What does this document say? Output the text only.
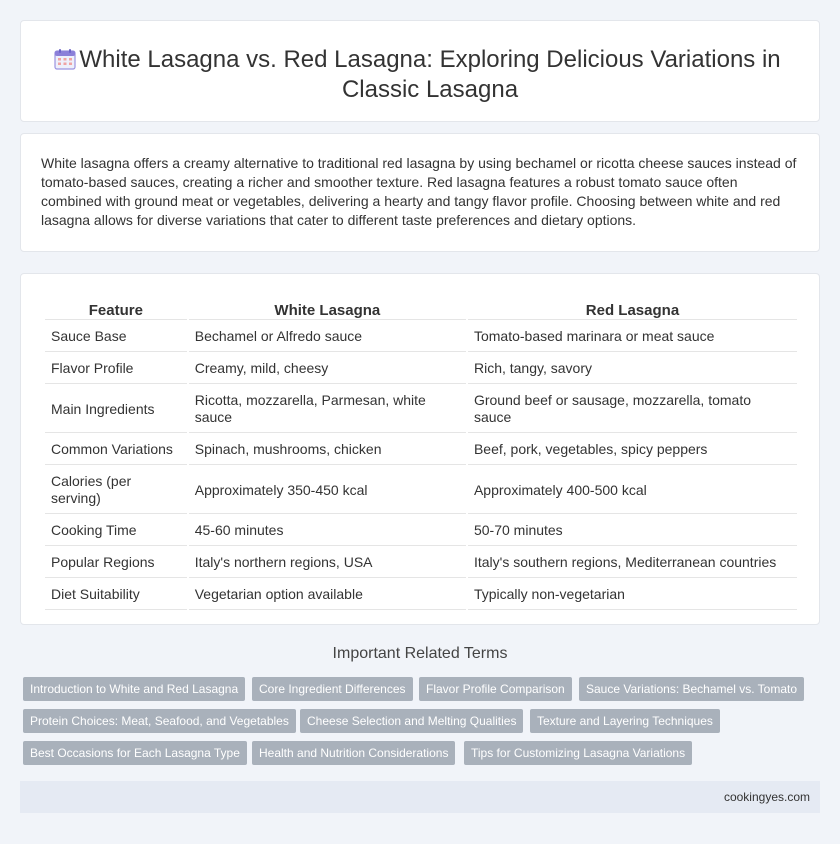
White Lasagna vs. Red Lasagna: Exploring Delicious Variations in Classic Lasagna

White lasagna offers a creamy alternative to traditional red lasagna by using bechamel or ricotta cheese sauces instead of tomato-based sauces, creating a richer and smoother texture. Red lasagna features a robust tomato sauce often combined with ground meat or vegetables, delivering a hearty and tangy flavor profile. Choosing between white and red lasagna allows for diverse variations that cater to different taste preferences and dietary options.

Feature	White Lasagna	Red Lasagna
Sauce Base	Bechamel or Alfredo sauce	Tomato-based marinara or meat sauce
Flavor Profile	Creamy, mild, cheesy	Rich, tangy, savory
Main Ingredients	Ricotta, mozzarella, Parmesan, white sauce	Ground beef or sausage, mozzarella, tomato sauce
Common Variations	Spinach, mushrooms, chicken	Beef, pork, vegetables, spicy peppers
Calories (per serving)	Approximately 350-450 kcal	Approximately 400-500 kcal
Cooking Time	45-60 minutes	50-70 minutes
Popular Regions	Italy's northern regions, USA	Italy's southern regions, Mediterranean countries
Diet Suitability	Vegetarian option available	Typically non-vegetarian
Important Related Terms
Introduction to White and Red Lasagna	Core Ingredient Differences	Flavor Profile Comparison	Sauce Variations: Bechamel vs. Tomato
Protein Choices: Meat, Seafood, and Vegetables	Cheese Selection and Melting Qualities	Texture and Layering Techniques
Best Occasions for Each Lasagna Type	Health and Nutrition Considerations	Tips for Customizing Lasagna Variations
cookingyes.com
